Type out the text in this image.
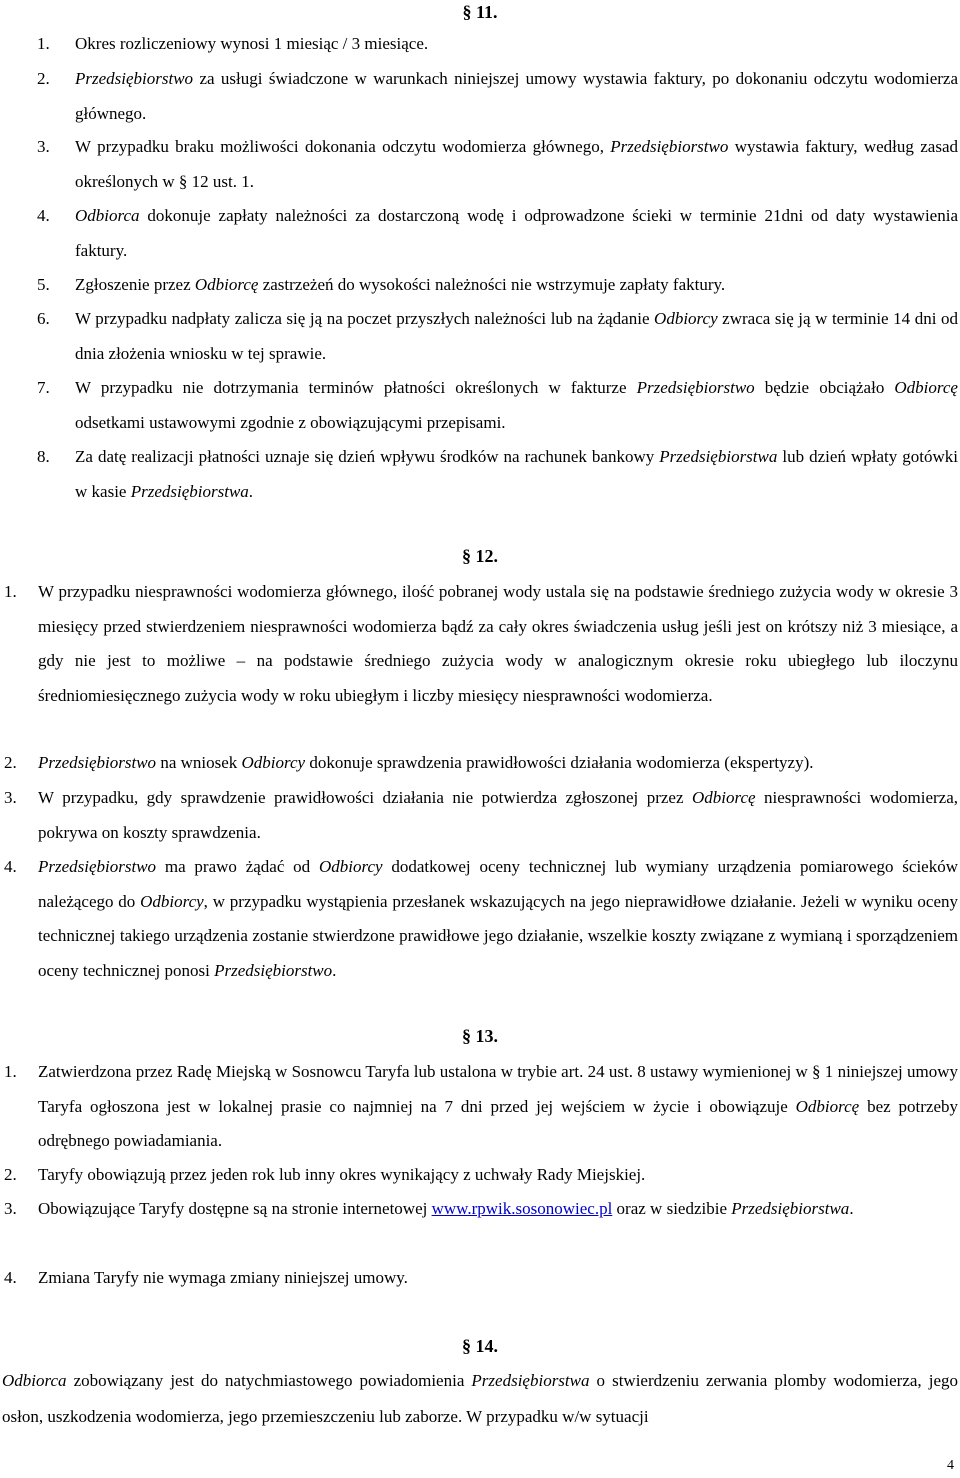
§ 11.
1. Okres rozliczeniowy wynosi 1 miesiąc / 3 miesiące.
2. Przedsiębiorstwo za usługi świadczone w warunkach niniejszej umowy wystawia faktury, po dokonaniu odczytu wodomierza głównego.
3. W przypadku braku możliwości dokonania odczytu wodomierza głównego, Przedsiębiorstwo wystawia faktury, według zasad określonych w § 12 ust. 1.
4. Odbiorca dokonuje zapłaty należności za dostarczoną wodę i odprowadzone ścieki w terminie 21dni od daty wystawienia faktury.
5. Zgłoszenie przez Odbiorcę zastrzeżeń do wysokości należności nie wstrzymuje zapłaty faktury.
6. W przypadku nadpłaty zalicza się ją na poczet przyszłych należności lub na żądanie Odbiorcy zwraca się ją w terminie 14 dni od dnia złożenia wniosku w tej sprawie.
7. W przypadku nie dotrzymania terminów płatności określonych w fakturze Przedsiębiorstwo będzie obciążało Odbiorcę odsetkami ustawowymi zgodnie z obowiązującymi przepisami.
8. Za datę realizacji płatności uznaje się dzień wpływu środków na rachunek bankowy Przedsiębiorstwa lub dzień wpłaty gotówki w kasie Przedsiębiorstwa.
§ 12.
1. W przypadku niesprawności wodomierza głównego, ilość pobranej wody ustala się na podstawie średniego zużycia wody w okresie 3 miesięcy przed stwierdzeniem niesprawności wodomierza bądź za cały okres świadczenia usług jeśli jest on krótszy niż 3 miesiące, a gdy nie jest to możliwe – na podstawie średniego zużycia wody w analogicznym okresie roku ubiegłego lub iloczynu średniomiesięcznego zużycia wody w roku ubiegłym i liczby miesięcy niesprawności wodomierza.
2. Przedsiębiorstwo na wniosek Odbiorcy dokonuje sprawdzenia prawidłowości działania wodomierza (ekspertyzy).
3. W przypadku, gdy sprawdzenie prawidłowości działania nie potwierdza zgłoszonej przez Odbiorcę niesprawności wodomierza, pokrywa on koszty sprawdzenia.
4. Przedsiębiorstwo ma prawo żądać od Odbiorcy dodatkowej oceny technicznej lub wymiany urządzenia pomiarowego ścieków należącego do Odbiorcy, w przypadku wystąpienia przesłanek wskazujących na jego nieprawidłowe działanie. Jeżeli w wyniku oceny technicznej takiego urządzenia zostanie stwierdzone prawidłowe jego działanie, wszelkie koszty związane z wymianą i sporządzeniem oceny technicznej ponosi Przedsiębiorstwo.
§ 13.
1. Zatwierdzona przez Radę Miejską w Sosnowcu Taryfa lub ustalona w trybie art. 24 ust. 8 ustawy wymienionej w § 1 niniejszej umowy Taryfa ogłoszona jest w lokalnej prasie co najmniej na 7 dni przed jej wejściem w życie i obowiązuje Odbiorcę bez potrzeby odrębnego powiadamiania.
2. Taryfy obowiązują przez jeden rok lub inny okres wynikający z uchwały Rady Miejskiej.
3. Obowiązujące Taryfy dostępne są na stronie internetowej www.rpwik.sosonowiec.pl oraz w siedzibie Przedsiębiorstwa.
4. Zmiana Taryfy nie wymaga zmiany niniejszej umowy.
§ 14.
Odbiorca zobowiązany jest do natychmiastowego powiadomienia Przedsiębiorstwa o stwierdzeniu zerwania plomby wodomierza, jego osłon, uszkodzenia wodomierza, jego przemieszczeniu lub zaborze. W przypadku w/w sytuacji
4
